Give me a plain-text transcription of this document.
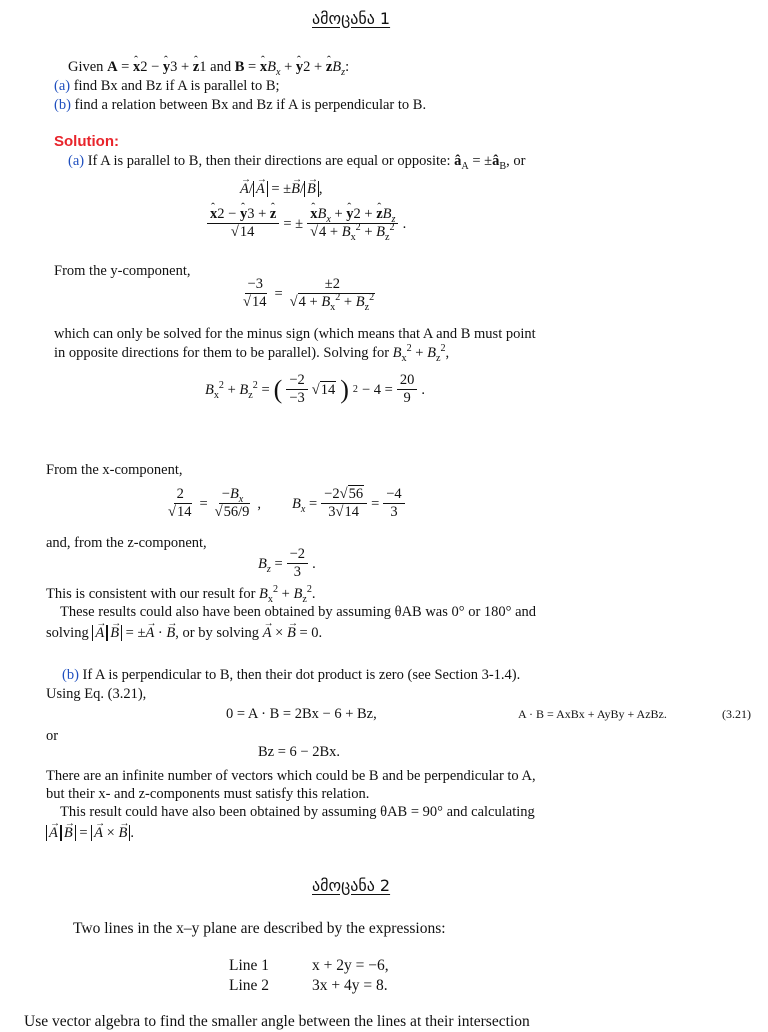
ამოცანა 1
Given A = ˆ x2 − ˆ y3 + ˆ z1 and B = ˆ $xB_x$ + ˆ y2 + ˆ $zB_z$:
(a) find Bx and Bz if A is parallel to B;
(b) find a relation between Bx and Bz if A is perpendicular to B.
Solution:
(a) If A is parallel to B, then their directions are equal or opposite: $â_A$ = $\pm â_B$, or
→ A/ → A = ±→ B/ → B ,
ˆ $\frac{\text{x2 − ˆ y3 + ˆ z}}{√14}$ = ± ˆ $\frac{xB_x + ˆ y2 + ˆ zB_z}{√4 + B_x^2 + B_z^2}$ .
From the y-component,
$\frac{-3}{√14} = \frac{\pm 2}{√4 + B_x^2 + B_z^2}$
which can only be solved for the minus sign (which means that A and B must point
in opposite directions for them to be parallel). Solving for $B_x^2 + B_z^2$,
$B_x^2 + B_z^2$ = ( $\frac{-2}{-3} √14$ ) $2 - 4 = \frac{20}{9}$ .
From the x-component,
$\frac{2}{√14} = \frac{-B_x}{√56/9}$ , $B_x = \frac{-2√56}{3√14} = \frac{-4}{3}$
and, from the z-component,
$B_z = \frac{-2}{3}$ .
This is consistent with our result for $B_x^2 + B_z^2$.
These results could also have been obtained by assuming θAB was 0° or 180° and
solving → A → B = ±→ A · → B, or by solving → A × → B = 0.
(b) If A is perpendicular to B, then their dot product is zero (see Section 3-1.4).
Using Eq. (3.21),
0 = A · B = 2Bx − 6 + Bz,	A · B = AxBx + AyBy + AzBz.	(3.21)
or
Bz = 6 − 2Bx.
There are an infinite number of vectors which could be B and be perpendicular to A,
but their x- and z-components must satisfy this relation.
This result could have also been obtained by assuming θAB = 90° and calculating
→ A → B = → A × → B .
ამოცანა 2
Two lines in the x–y plane are described by the expressions:
Line 1	x + 2y = −6,
Line 2	3x + 4y = 8.
Use vector algebra to find the smaller angle between the lines at their intersection
